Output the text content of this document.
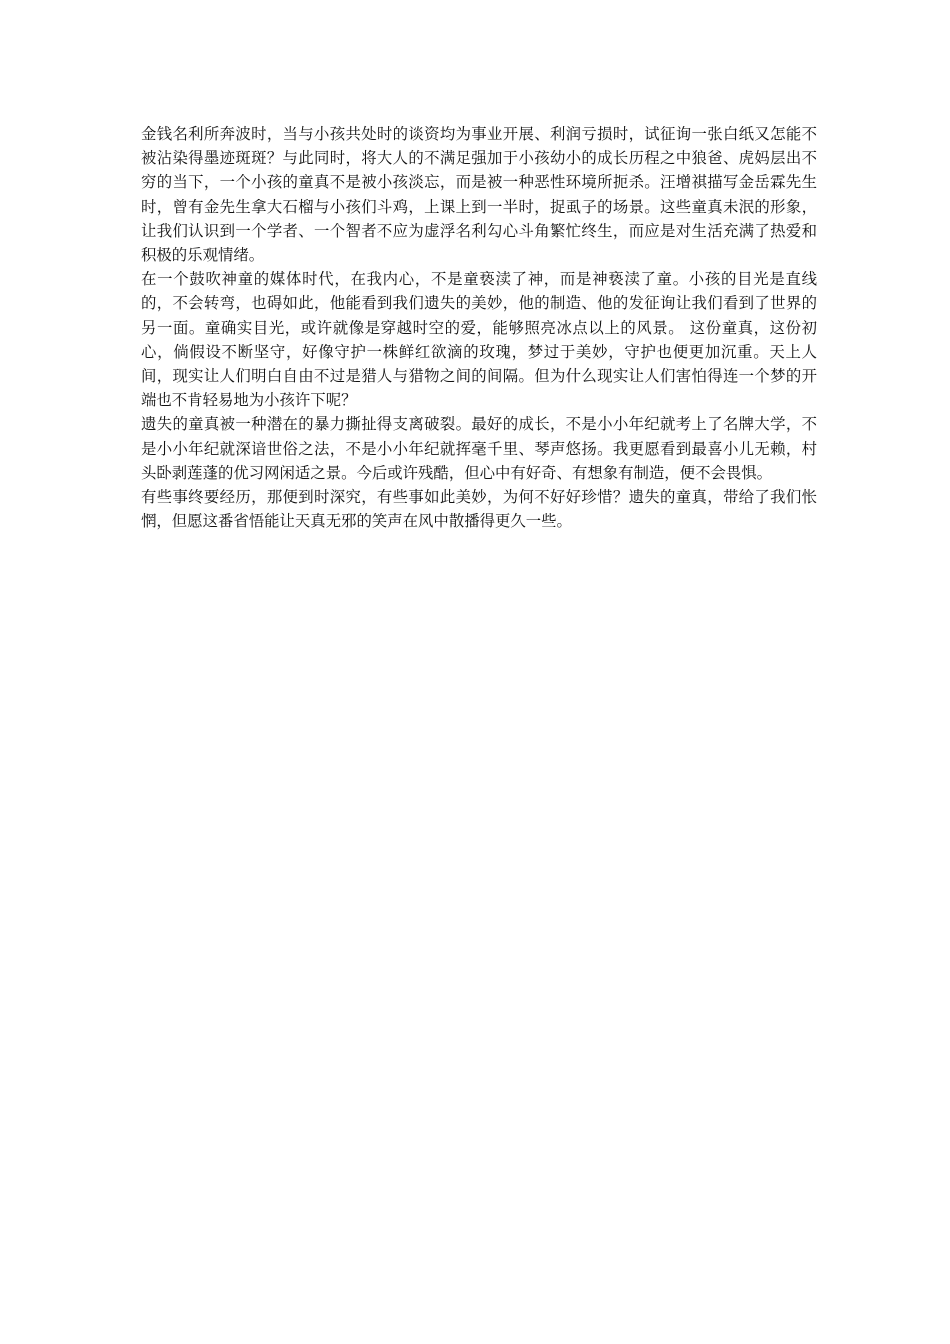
金钱名利所奔波时，当与小孩共处时的谈资均为事业开展、利润亏损时，试征询一张白纸又怎能不被沾染得墨迹斑斑？与此同时，将大人的不满足强加于小孩幼小的成长历程之中狼爸、虎妈层出不穷的当下，一个小孩的童真不是被小孩淡忘，而是被一种恶性环境所扼杀。汪增祺描写金岳霖先生时，曾有金先生拿大石榴与小孩们斗鸡，上课上到一半时，捉虱子的场景。这些童真未泯的形象，让我们认识到一个学者、一个智者不应为虚浮名利勾心斗角繁忙终生，而应是对生活充满了热爱和积极的乐观情绪。

在一个鼓吹神童的媒体时代，在我内心，不是童亵渎了神，而是神亵渎了童。小孩的目光是直线的，不会转弯，也碍如此，他能看到我们遗失的美妙，他的制造、他的发征询让我们看到了世界的另一面。童确实目光，或许就像是穿越时空的爱，能够照亮冰点以上的风景。 这份童真，这份初心，倘假设不断坚守，好像守护一株鲜红欲滴的玫瑰，梦过于美妙，守护也便更加沉重。天上人间，现实让人们明白自由不过是猎人与猎物之间的间隔。但为什么现实让人们害怕得连一个梦的开端也不肯轻易地为小孩许下呢？

遗失的童真被一种潜在的暴力撕扯得支离破裂。最好的成长，不是小小年纪就考上了名牌大学，不是小小年纪就深谙世俗之法，不是小小年纪就挥毫千里、琴声悠扬。我更愿看到最喜小儿无赖，村头卧剥莲蓬的优习网闲适之景。今后或许残酷，但心中有好奇、有想象有制造，便不会畏惧。

有些事终要经历，那便到时深究，有些事如此美妙，为何不好好珍惜？遗失的童真，带给了我们怅惘，但愿这番省悟能让天真无邪的笑声在风中散播得更久一些。
